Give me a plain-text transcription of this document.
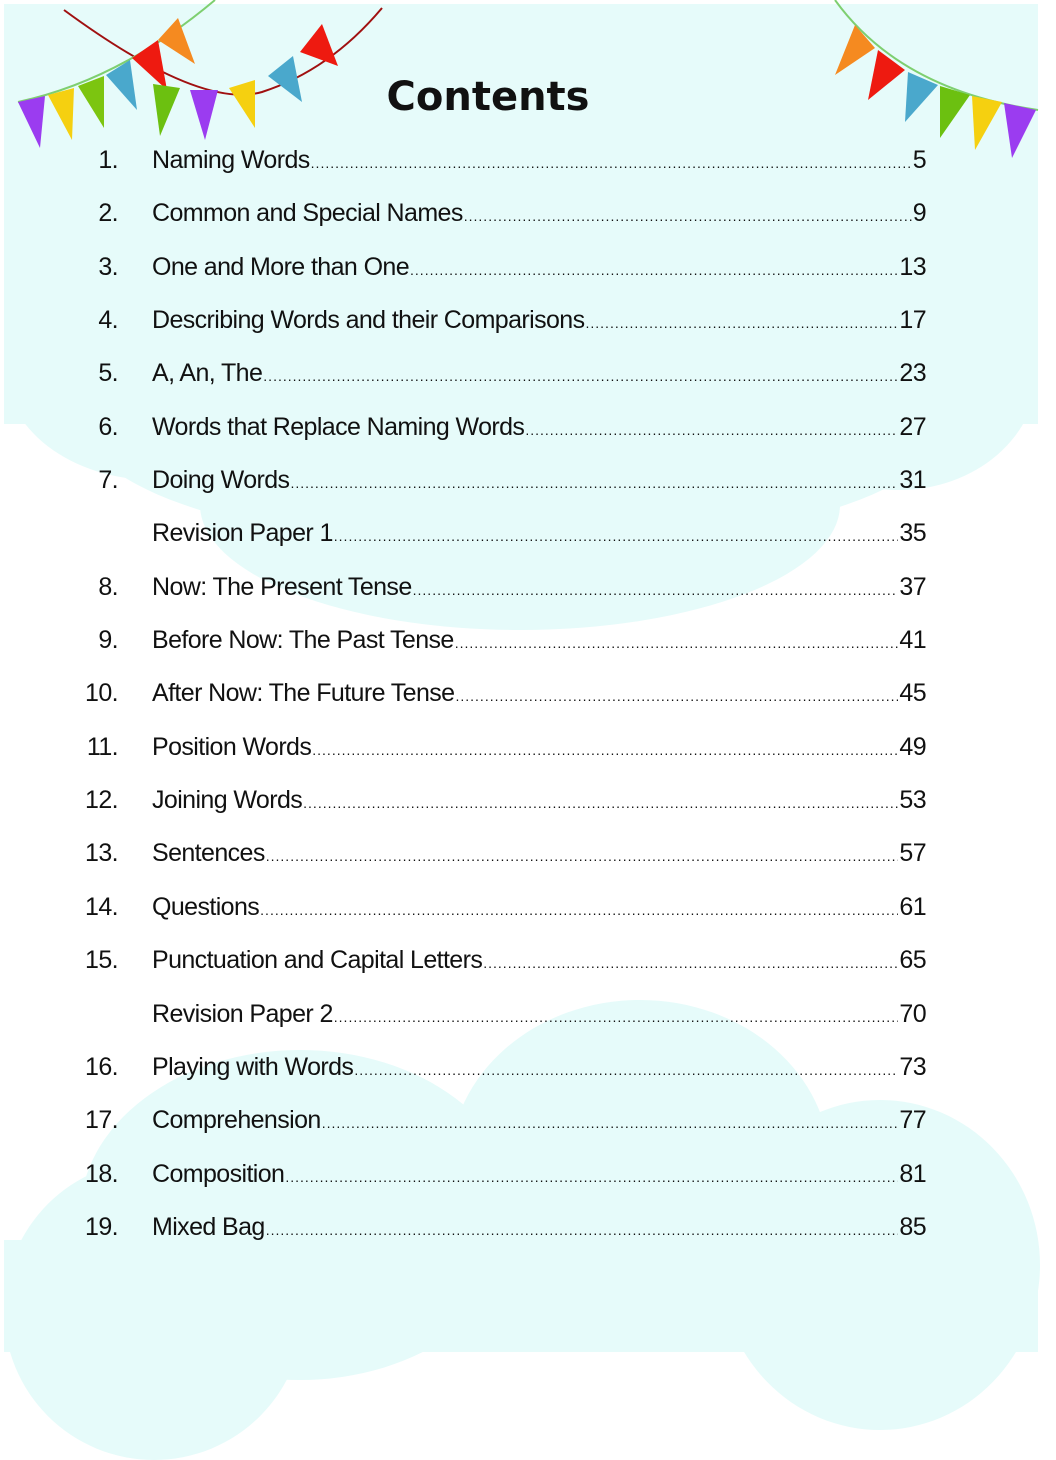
Contents
1.	Naming Words .....	5
2.	Common and Special Names .....	9
3.	One and More than One .....	13
4.	Describing Words and their Comparisons .....	17
5.	A, An, The .....	23
6.	Words that Replace Naming Words .....	27
7.	Doing Words .....	31
Revision Paper 1 .....	35
8.	Now: The Present Tense .....	37
9.	Before Now: The Past Tense .....	41
10.	After Now: The Future Tense .....	45
11.	Position Words .....	49
12.	Joining Words .....	53
13.	Sentences .....	57
14.	Questions .....	61
15.	Punctuation and Capital Letters .....	65
Revision Paper 2 .....	70
16.	Playing with Words .....	73
17.	Comprehension .....	77
18.	Composition .....	81
19.	Mixed Bag .....	85
